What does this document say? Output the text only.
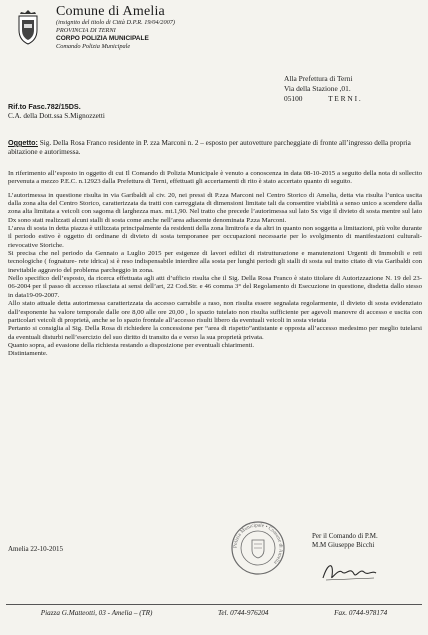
Comune di Amelia
(insignito del titolo di Città D.P.R. 19/04/2007)
PROVINCIA DI TERNI
CORPO POLIZIA MUNICIPALE
Comando Polizia Municipale
Alla Prefettura di Terni
Via della Stazione ,01.
05100	T E R N I .
Rif.to Fasc.782/15DS.
C.A. della Dott.ssa S.Mignozzetti
Oggetto: Sig. Della Rosa Franco residente in P. zza Marconi n. 2 – esposto per autovetture parcheggiate di fronte all’ingresso della propria abitazione e autorimessa.

In riferimento all’esposto in oggetto di cui Il Comando di Polizia Municipale è venuto a conoscenza in data 08-10-2015 a seguito della nota di sollecito pervenuta a mezzo P.E.C. n.12923 dalla Prefettura di Terni, effettuati gli accertamenti di rito è stato accertato quanto di seguito.

L’autorimessa in questione risulta in via Garibaldi al civ. 20, nei pressi di P.zza Marconi nel Centro Storico di Amelia, detta via risulta l’unica uscita dalla zona alta del Centro Storico, caratterizzata da tratti con carreggiata di dimensioni limitate tali da consentire viabilità a senso unico a scendere dalla zona alta limitata a veicoli con sagoma di larghezza max. mt.1,90. Nel tratto che precede l’autorimessa sul lato Sx vige il divieto di sosta mentre sul lato Dx sono stati realizzati alcuni stalli di sosta come anche nell’area adiacente denominata P.zza Marconi.

L’area di sosta in detta piazza è utilizzata principalmente da residenti della zona limitrofa e da altri in quanto non soggetta a limitazioni, più volte durante il periodo estivo è oggetto di ordinane di divieto di sosta temporanee per occupazioni necessarie per lo svolgimento di manifestazioni culturali- rievocative Storiche.

Si precisa che nel periodo da Gennaio a Luglio 2015 per esigenze di lavori edilizi di ristrutturazione e manutenzioni Urgenti di Immobili e reti tecnologiche ( fognature- rete idrica) si è reso indispensabile interdire alla sosta per lunghi periodi gli stalli di sosta sul tratto citato di via Garibaldi con inevitabile aggravio del problema parcheggio in zona.

Nello specifico dell’esposto, da ricerca effettuata agli atti d’ufficio risulta che il Sig. Della Rosa Franco è stato titolare di Autorizzazione N. 19 del 23-06-2004 per il passo di accesso rilasciata ai sensi dell’art, 22 Cod.Str. e 46 comma 3° del Regolamento di Esecuzione in questione, disdetta dallo stesso in data19-09-2007.

Allo stato attuale detta autorimessa caratterizzata da accesso carrabile a raso, non risulta essere segnalata regolarmente, il divieto di sosta evidenziato dall’esponente ha valore temporale dalle ore 8,00 alle ore 20,00 , lo spazio tutelato non risulta sufficiente per agevoli manovre di accesso e uscita con particolari veicoli di proprietà, anche se lo spazio frontale all’accesso risulti libero da eventuali veicoli in sosta vietata

Pertanto si consiglia al Sig. Della Rosa di richiedere la concessione per “area di rispetto”antistante e opposta all’accesso medesimo per meglio tutelarsi da eventuali disturbi nell’esercizio del suo diritto di transito da e verso la sua proprietà privata.

Quanto sopra, ad evasione della richiesta restando a disposizione per eventuali chiarimenti.

Distintamente.

Amelia 22-10-2015	Polizia Municipale • Comune di Amelia
Per il Comando di P.M.
M.M Giuseppe Bicchi
Piazza G.Matteotti, 03 - Amelia – (TR)	Tel. 0744-976204	Fax. 0744-978174
